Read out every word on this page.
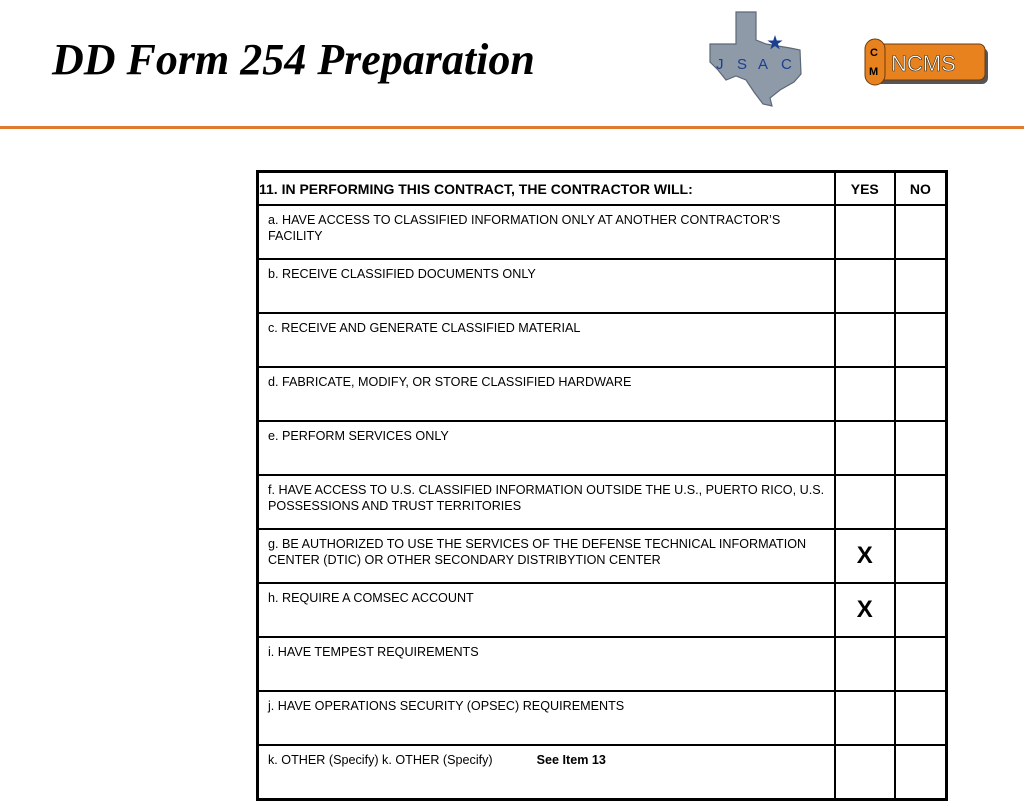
DD Form 254 Preparation	J S A C
C
M NCMS
11. IN PERFORMING THIS CONTRACT, THE CONTRACTOR WILL:	YES	NO
a. HAVE ACCESS TO CLASSIFIED INFORMATION ONLY AT ANOTHER CONTRACTOR’S FACILITY		
b. RECEIVE CLASSIFIED DOCUMENTS ONLY		
c. RECEIVE AND GENERATE CLASSIFIED MATERIAL		
d. FABRICATE, MODIFY, OR STORE CLASSIFIED HARDWARE		
e. PERFORM SERVICES ONLY		
f. HAVE ACCESS TO U.S. CLASSIFIED INFORMATION OUTSIDE THE U.S., PUERTO RICO, U.S. POSSESSIONS AND TRUST TERRITORIES		
g. BE AUTHORIZED TO USE THE SERVICES OF THE DEFENSE TECHNICAL INFORMATION CENTER (DTIC) OR OTHER SECONDARY DISTRIBYTION CENTER	X	
h. REQUIRE A COMSEC ACCOUNT	X	
i. HAVE TEMPEST REQUIREMENTS		
j. HAVE OPERATIONS SECURITY (OPSEC) REQUIREMENTS		
k. OTHER (Specify) k. OTHER (Specify) See Item 13		
